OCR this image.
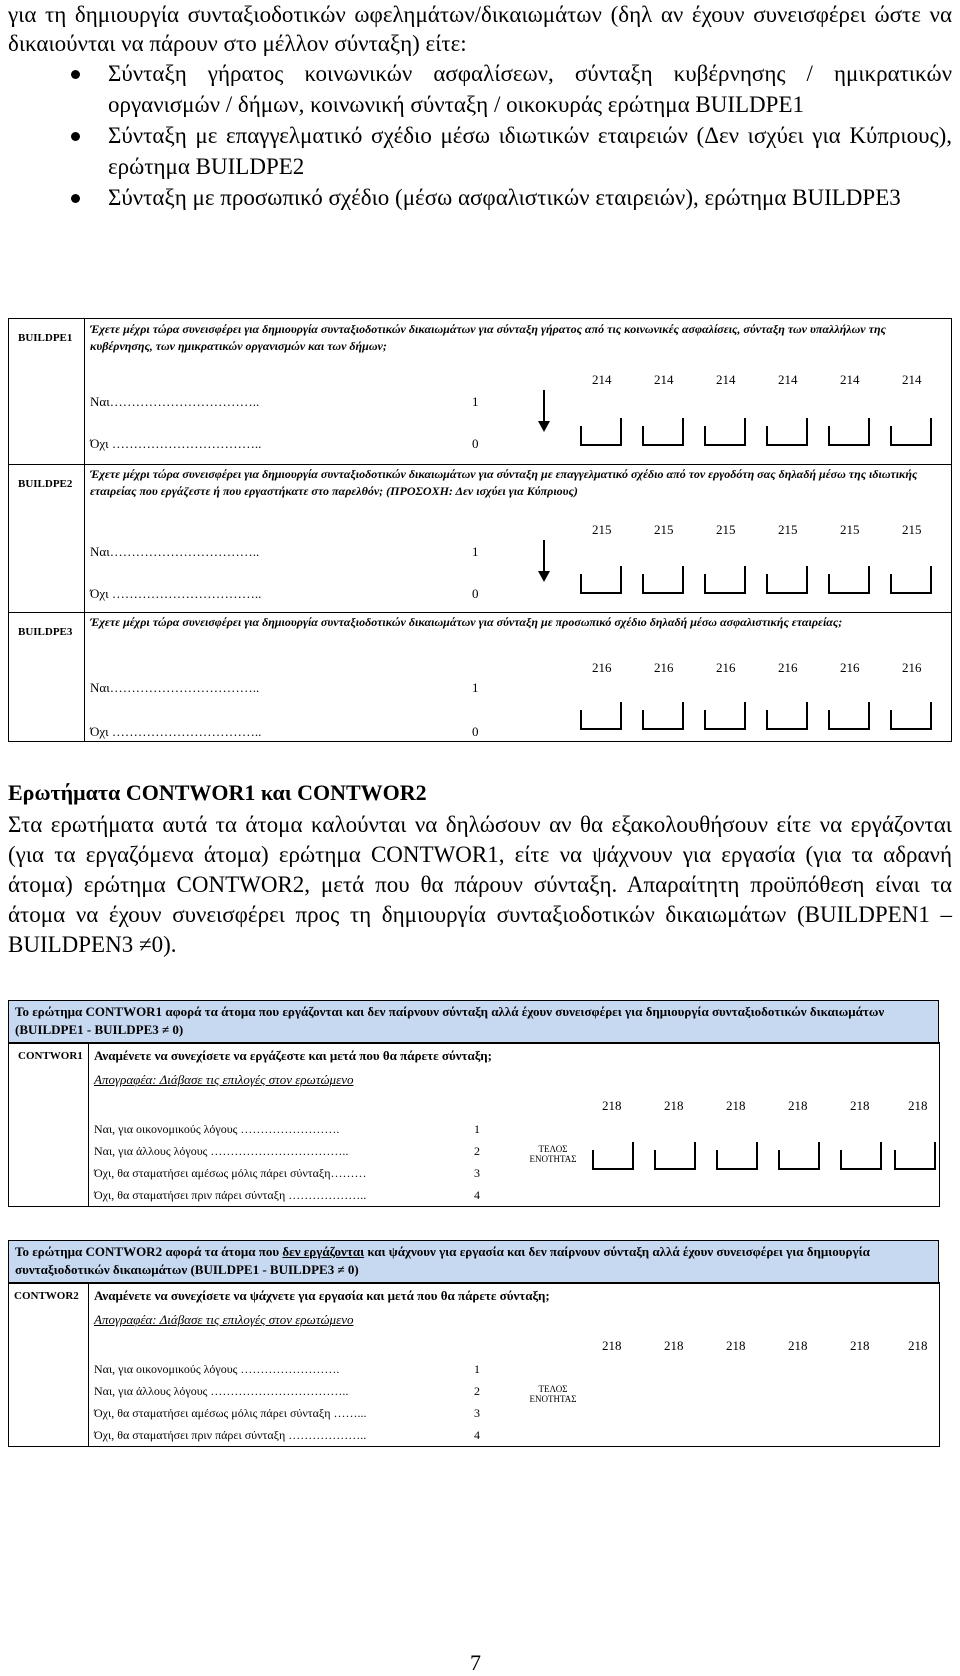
για τη δημιουργία συνταξιοδοτικών ωφελημάτων/δικαιωμάτων (δηλ αν έχουν συνεισφέρει ώστε να δικαιούνται να πάρουν στο μέλλον σύνταξη) είτε:

Σύνταξη γήρατος κοινωνικών ασφαλίσεων, σύνταξη κυβέρνησης / ημικρατικών οργανισμών / δήμων, κοινωνική σύνταξη / οικοκυράς ερώτημα BUILDPE1
Σύνταξη με επαγγελματικό σχέδιο μέσω ιδιωτικών εταιρειών (Δεν ισχύει για Κύπριους), ερώτημα BUILDPE2
Σύνταξη με προσωπικό σχέδιο (μέσω ασφαλιστικών εταιρειών), ερώτημα BUILDPE3
BUILDPE1
Έχετε μέχρι τώρα συνεισφέρει για δημιουργία συνταξιοδοτικών δικαιωμάτων για σύνταξη γήρατος από τις κοινωνικές ασφαλίσεις, σύνταξη των υπαλλήλων της κυβέρνησης, των ημικρατικών οργανισμών και των δήμων;
Ναι……………………………..	1
Όχι ……………………………..	0
214	214	214	214	214	214
BUILDPE2
Έχετε μέχρι τώρα συνεισφέρει για δημιουργία συνταξιοδοτικών δικαιωμάτων για σύνταξη με επαγγελματικό σχέδιο από τον εργοδότη σας δηλαδή μέσω της ιδιωτικής εταιρείας που εργάζεστε ή που εργαστήκατε στο παρελθόν; (ΠΡΟΣΟΧΗ: Δεν ισχύει για Κύπριους)
Ναι……………………………..	1
Όχι ……………………………..	0
215	215	215	215	215	215
BUILDPE3
Έχετε μέχρι τώρα συνεισφέρει για δημιουργία συνταξιοδοτικών δικαιωμάτων για σύνταξη με προσωπικό σχέδιο δηλαδή μέσω ασφαλιστικής εταιρείας;
Ναι……………………………..	1
Όχι ……………………………..	0
216	216	216	216	216	216
Ερωτήματα CONTWOR1 και CONTWOR2
Στα ερωτήματα αυτά τα άτομα καλούνται να δηλώσουν αν θα εξακολουθήσουν είτε να εργάζονται (για τα εργαζόμενα άτομα) ερώτημα CONTWOR1, είτε να ψάχνουν για εργασία (για τα αδρανή άτομα) ερώτημα CONTWOR2, μετά που θα πάρουν σύνταξη. Απαραίτητη προϋπόθεση είναι τα άτομα να έχουν συνεισφέρει προς τη δημιουργία συνταξιοδοτικών δικαιωμάτων (BUILDPEN1 – BUILDPEN3 ≠0).
Το ερώτημα CONTWOR1 αφορά τα άτομα που εργάζονται και δεν παίρνουν σύνταξη αλλά έχουν συνεισφέρει για δημιουργία συνταξιοδοτικών δικαιωμάτων (BUILDPE1 - BUILDPE3 ≠ 0)
CONTWOR1 Αναμένετε να συνεχίσετε να εργάζεστε και μετά που θα πάρετε σύνταξη;
Απογραφέα: Διάβασε τις επιλογές στον ερωτώμενο
Ναι, για οικονομικούς λόγους …………………….	1
Ναι, για άλλους λόγους ……………………………..	2
Όχι, θα σταματήσει αμέσως μόλις πάρει σύνταξη………	3
Όχι, θα σταματήσει πριν πάρει σύνταξη ………………..	4
ΤΕΛΟΣ
ΕΝΟΤΗΤΑΣ
218	218	218	218	218	218
Το ερώτημα CONTWOR2 αφορά τα άτομα που δεν εργάζονται και ψάχνουν για εργασία και δεν παίρνουν σύνταξη αλλά έχουν συνεισφέρει για δημιουργία συνταξιοδοτικών δικαιωμάτων (BUILDPE1 - BUILDPE3 ≠ 0)
CONTWOR2 Αναμένετε να συνεχίσετε να ψάχνετε για εργασία και μετά που θα πάρετε σύνταξη;
Απογραφέα: Διάβασε τις επιλογές στον ερωτώμενο
Ναι, για οικονομικούς λόγους …………………….	1
Ναι, για άλλους λόγους ……………………………..	2
Όχι, θα σταματήσει αμέσως μόλις πάρει σύνταξη ……...	3
Όχι, θα σταματήσει πριν πάρει σύνταξη ………………..	4
ΤΕΛΟΣ
ΕΝΟΤΗΤΑΣ
218	218	218	218	218	218
7
